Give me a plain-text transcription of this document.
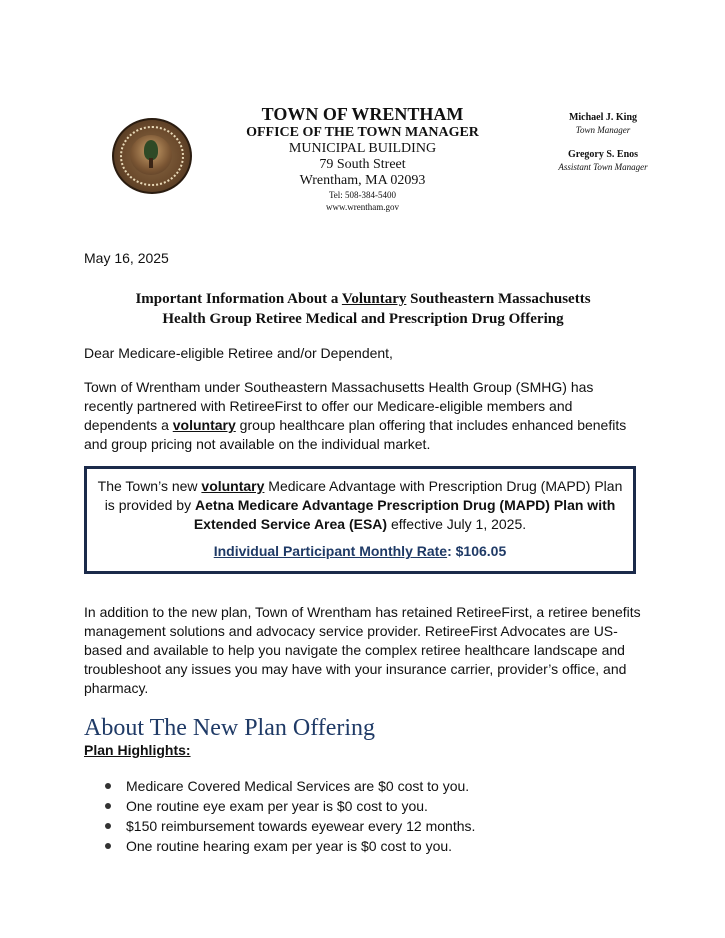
TOWN OF WRENTHAM
OFFICE OF THE TOWN MANAGER
MUNICIPAL BUILDING
79 South Street
Wrentham, MA 02093
Tel: 508-384-5400
www.wrentham.gov
Michael J. King
Town Manager
Gregory S. Enos
Assistant Town Manager
May 16, 2025
Important Information About a Voluntary Southeastern Massachusetts
Health Group Retiree Medical and Prescription Drug Offering
Dear Medicare-eligible Retiree and/or Dependent,
Town of Wrentham under Southeastern Massachusetts Health Group (SMHG) has recently partnered with RetireeFirst to offer our Medicare-eligible members and dependents a voluntary group healthcare plan offering that includes enhanced benefits and group pricing not available on the individual market.
The Town’s new voluntary Medicare Advantage with Prescription Drug (MAPD) Plan is provided by Aetna Medicare Advantage Prescription Drug (MAPD) Plan with Extended Service Area (ESA) effective July 1, 2025.
Individual Participant Monthly Rate: $106.05
In addition to the new plan, Town of Wrentham has retained RetireeFirst, a retiree benefits management solutions and advocacy service provider. RetireeFirst Advocates are US-based and available to help you navigate the complex retiree healthcare landscape and troubleshoot any issues you may have with your insurance carrier, provider’s office, and pharmacy.
About The New Plan Offering
Plan Highlights:
Medicare Covered Medical Services are $0 cost to you.
One routine eye exam per year is $0 cost to you.
$150 reimbursement towards eyewear every 12 months.
One routine hearing exam per year is $0 cost to you.
